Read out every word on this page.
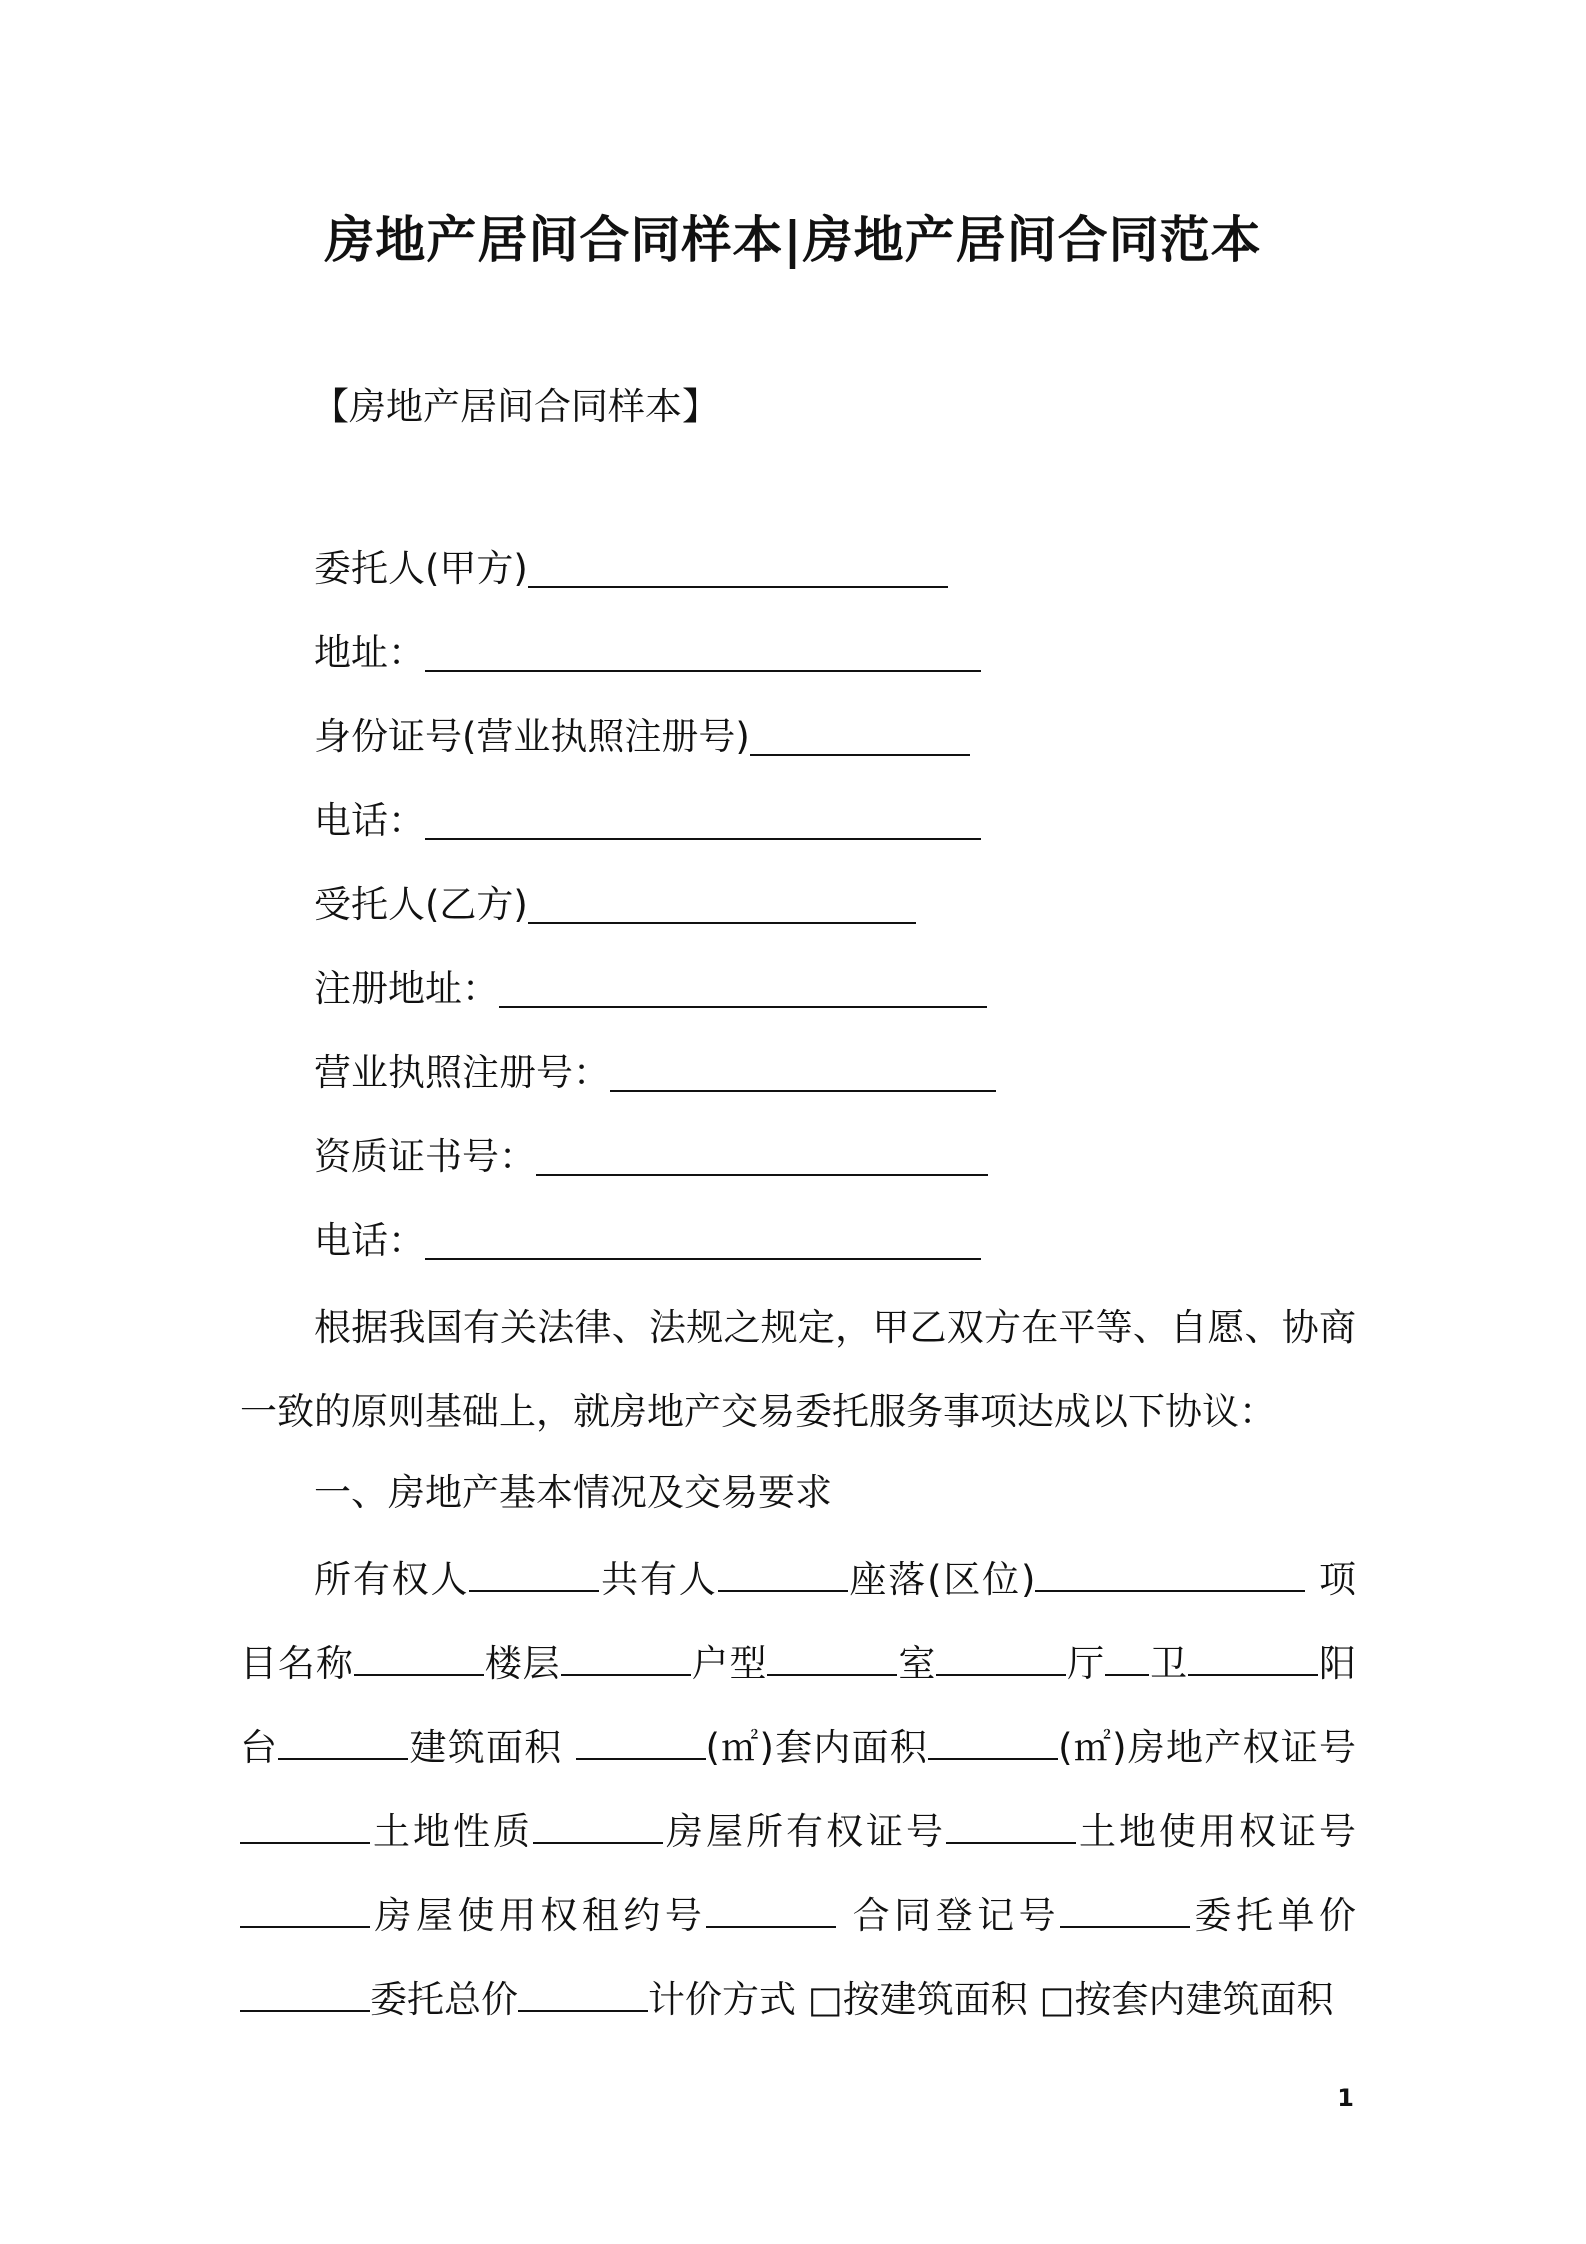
房地产居间合同样本|房地产居间合同范本
【房地产居间合同样本】
委托人(甲方)
地址：
身份证号(营业执照注册号)
电话：
受托人(乙方)
注册地址：
营业执照注册号：
资质证书号：
电话：

根据我国有关法律、法规之规定，甲乙双方在平等、自愿、协商一致的原则基础上，就房地产交易委托服务事项达成以下协议：

一、房地产基本情况及交易要求

所有权人	共有人	座落(区位)	项目名称	楼层	户型	室	厅 卫	阳台	建筑面积	(㎡)套内面积	(㎡)房地产权证号土地性质	房屋所有权证号	土地使用权证号房屋使用权租约号	合同登记号	委托单价委托总价	计价方式 □按建筑面积 □按套内建筑面积

1
